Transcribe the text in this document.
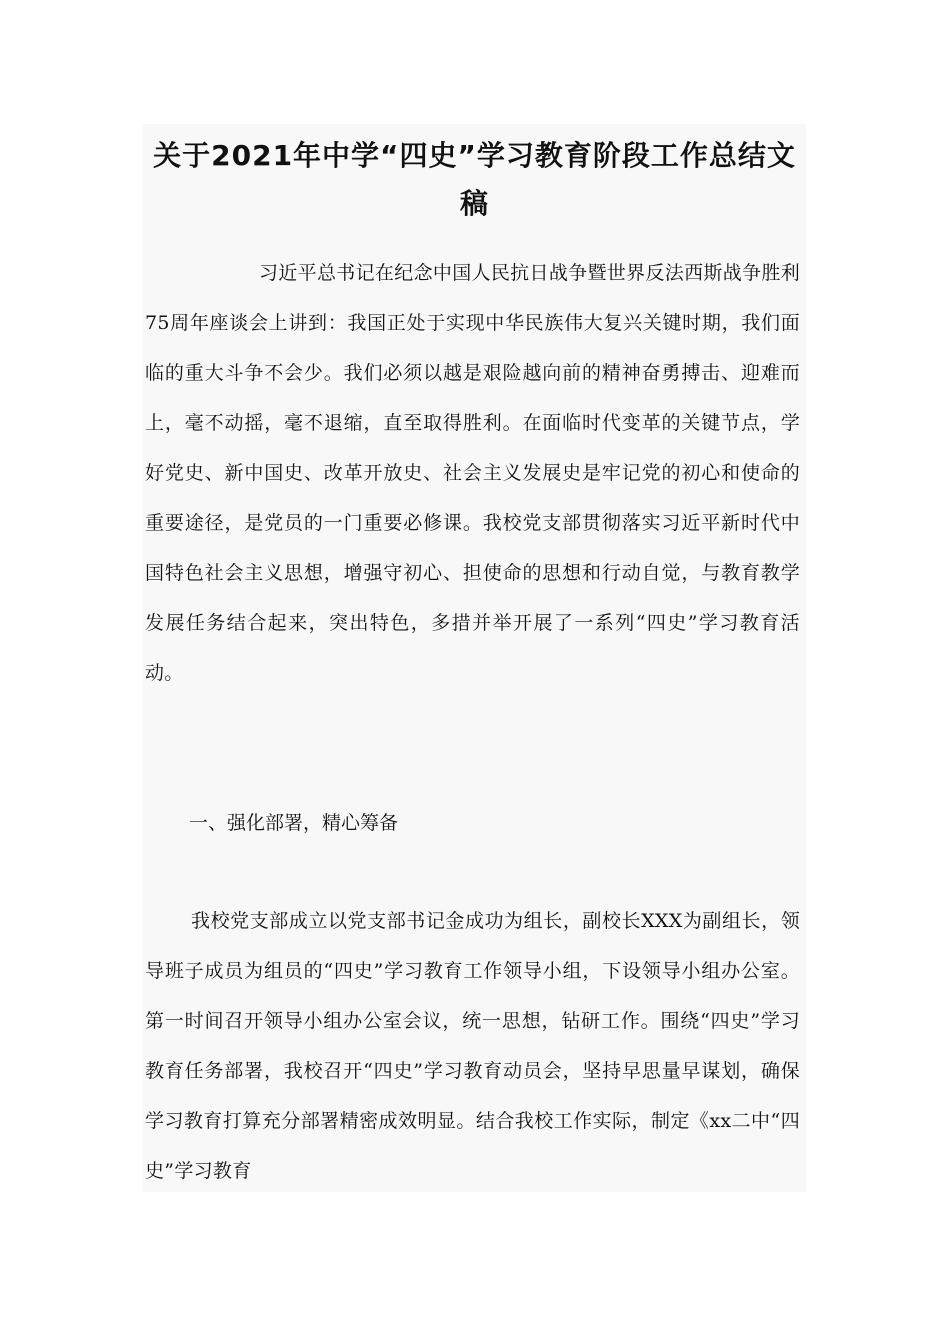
关于2021年中学“四史”学习教育阶段工作总结文稿

习近平总书记在纪念中国人民抗日战争暨世界反法西斯战争胜利75周年座谈会上讲到：我国正处于实现中华民族伟大复兴关键时期，我们面临的重大斗争不会少。我们必须以越是艰险越向前的精神奋勇搏击、迎难而上，毫不动摇，毫不退缩，直至取得胜利。在面临时代变革的关键节点，学好党史、新中国史、改革开放史、社会主义发展史是牢记党的初心和使命的重要途径，是党员的一门重要必修课。我校党支部贯彻落实习近平新时代中国特色社会主义思想，增强守初心、担使命的思想和行动自觉，与教育教学发展任务结合起来，突出特色，多措并举开展了一系列“四史”学习教育活动。

一、强化部署，精心筹备

我校党支部成立以党支部书记金成功为组长，副校长XXX为副组长，领导班子成员为组员的“四史”学习教育工作领导小组，下设领导小组办公室。第一时间召开领导小组办公室会议，统一思想，钻研工作。围绕“四史”学习教育任务部署，我校召开“四史”学习教育动员会，坚持早思量早谋划，确保学习教育打算充分部署精密成效明显。结合我校工作实际，制定《xx二中“四史”学习教育
